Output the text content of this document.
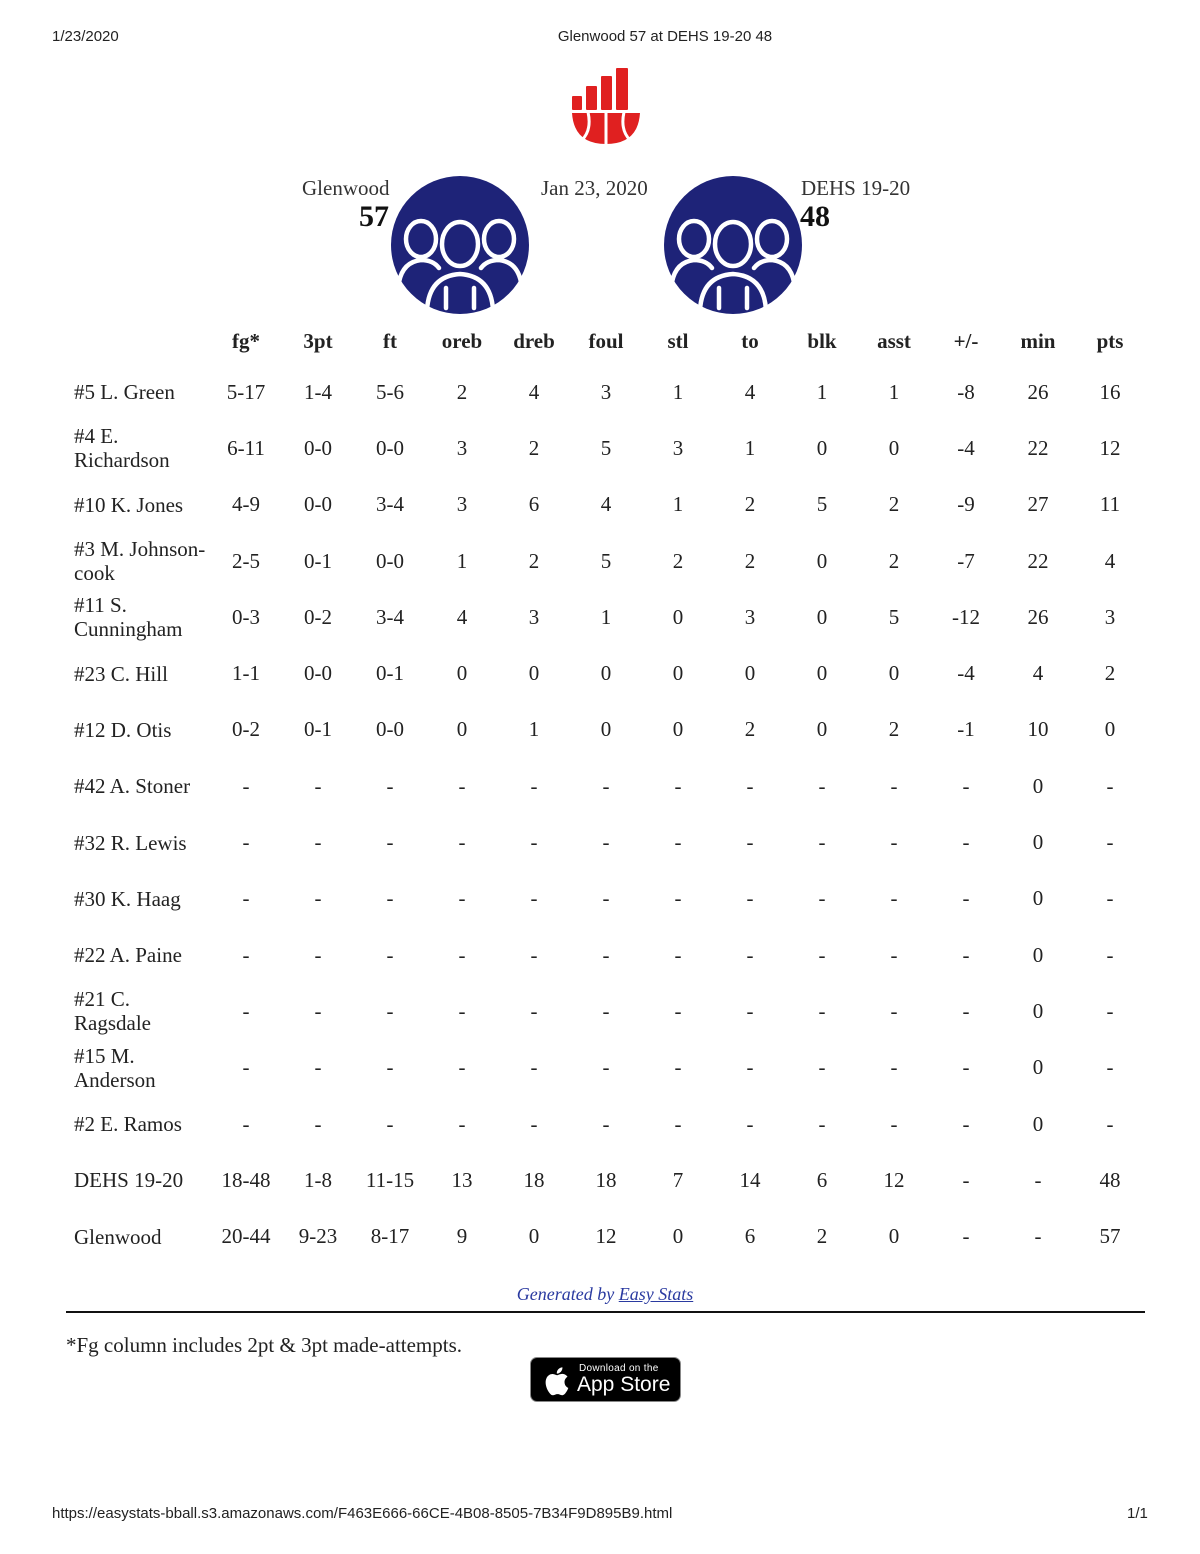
1/23/2020	Glenwood 57 at DEHS 19-20 48
Glenwood
57
Jan 23, 2020	DEHS 19-20
48
	fg*	3pt	ft	oreb	dreb	foul	stl	to	blk	asst	+/-	min	pts

#5 L. Green	5-17	1-4	5-6	2	4	3	1	4	1	1	-8	26	16

#4 E.
Richardson	6-11	0-0	0-0	3	2	5	3	1	0	0	-4	22	12

#10 K. Jones	4-9	0-0	3-4	3	6	4	1	2	5	2	-9	27	11

#3 M. Johnson-
cook	2-5	0-1	0-0	1	2	5	2	2	0	2	-7	22	4

#11 S.
Cunningham	0-3	0-2	3-4	4	3	1	0	3	0	5	-12	26	3

#23 C. Hill	1-1	0-0	0-1	0	0	0	0	0	0	0	-4	4	2

#12 D. Otis	0-2	0-1	0-0	0	1	0	0	2	0	2	-1	10	0

#42 A. Stoner	-	-	-	-	-	-	-	-	-	-	-	0	-

#32 R. Lewis	-	-	-	-	-	-	-	-	-	-	-	0	-

#30 K. Haag	-	-	-	-	-	-	-	-	-	-	-	0	-

#22 A. Paine	-	-	-	-	-	-	-	-	-	-	-	0	-

#21 C.
Ragsdale	-	-	-	-	-	-	-	-	-	-	-	0	-

#15 M.
Anderson	-	-	-	-	-	-	-	-	-	-	-	0	-

#2 E. Ramos	-	-	-	-	-	-	-	-	-	-	-	0	-

DEHS 19-20	18-48	1-8	11-15	13	18	18	7	14	6	12	-	-	48

Glenwood	20-44	9-23	8-17	9	0	12	0	6	2	0	-	-	57
Generated by Easy Stats
*Fg column includes 2pt & 3pt made-attempts.
Download on the
App Store
https://easystats-bball.s3.amazonaws.com/F463E666-66CE-4B08-8505-7B34F9D895B9.html	1/1
